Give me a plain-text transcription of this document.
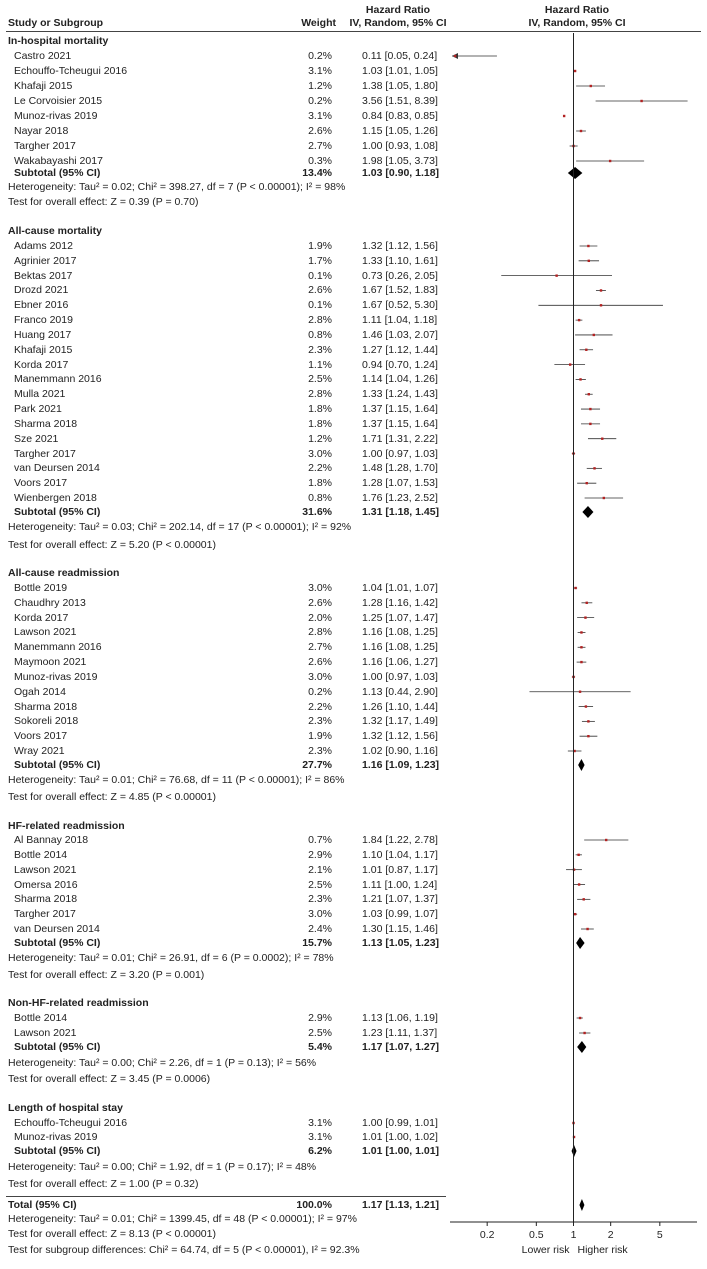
Study or Subgroup	Weight
Hazard Ratio
IV, Random, 95% CI
Hazard Ratio
IV, Random, 95% CI
In-hospital mortality
Castro 2021	0.2%	0.11 [0.05, 0.24]
Echouffo-Tcheugui 2016	3.1%	1.03 [1.01, 1.05]
Khafaji 2015	1.2%	1.38 [1.05, 1.80]
Le Corvoisier 2015	0.2%	3.56 [1.51, 8.39]
Munoz-rivas 2019	3.1%	0.84 [0.83, 0.85]
Nayar 2018	2.6%	1.15 [1.05, 1.26]
Targher 2017	2.7%	1.00 [0.93, 1.08]
Wakabayashi 2017	0.3%	1.98 [1.05, 3.73]
Subtotal (95% CI)	13.4%	1.03 [0.90, 1.18]
Heterogeneity: Tau² = 0.02; Chi² = 398.27, df = 7 (P < 0.00001); I² = 98%
Test for overall effect: Z = 0.39 (P = 0.70)
All-cause mortality
Adams 2012	1.9%	1.32 [1.12, 1.56]
Agrinier 2017	1.7%	1.33 [1.10, 1.61]
Bektas 2017	0.1%	0.73 [0.26, 2.05]
Drozd 2021	2.6%	1.67 [1.52, 1.83]
Ebner 2016	0.1%	1.67 [0.52, 5.30]
Franco 2019	2.8%	1.11 [1.04, 1.18]
Huang 2017	0.8%	1.46 [1.03, 2.07]
Khafaji 2015	2.3%	1.27 [1.12, 1.44]
Korda 2017	1.1%	0.94 [0.70, 1.24]
Manemmann 2016	2.5%	1.14 [1.04, 1.26]
Mulla 2021	2.8%	1.33 [1.24, 1.43]
Park 2021	1.8%	1.37 [1.15, 1.64]
Sharma 2018	1.8%	1.37 [1.15, 1.64]
Sze 2021	1.2%	1.71 [1.31, 2.22]
Targher 2017	3.0%	1.00 [0.97, 1.03]
van Deursen 2014	2.2%	1.48 [1.28, 1.70]
Voors 2017	1.8%	1.28 [1.07, 1.53]
Wienbergen 2018	0.8%	1.76 [1.23, 2.52]
Subtotal (95% CI)	31.6%	1.31 [1.18, 1.45]
Heterogeneity: Tau² = 0.03; Chi² = 202.14, df = 17 (P < 0.00001); I² = 92%
Test for overall effect: Z = 5.20 (P < 0.00001)
All-cause readmission
Bottle 2019	3.0%	1.04 [1.01, 1.07]
Chaudhry 2013	2.6%	1.28 [1.16, 1.42]
Korda 2017	2.0%	1.25 [1.07, 1.47]
Lawson 2021	2.8%	1.16 [1.08, 1.25]
Manemmann 2016	2.7%	1.16 [1.08, 1.25]
Maymoon 2021	2.6%	1.16 [1.06, 1.27]
Munoz-rivas 2019	3.0%	1.00 [0.97, 1.03]
Ogah 2014	0.2%	1.13 [0.44, 2.90]
Sharma 2018	2.2%	1.26 [1.10, 1.44]
Sokoreli 2018	2.3%	1.32 [1.17, 1.49]
Voors 2017	1.9%	1.32 [1.12, 1.56]
Wray 2021	2.3%	1.02 [0.90, 1.16]
Subtotal (95% CI)	27.7%	1.16 [1.09, 1.23]
Heterogeneity: Tau² = 0.01; Chi² = 76.68, df = 11 (P < 0.00001); I² = 86%
Test for overall effect: Z = 4.85 (P < 0.00001)
HF-related readmission
Al Bannay 2018	0.7%	1.84 [1.22, 2.78]
Bottle 2014	2.9%	1.10 [1.04, 1.17]
Lawson 2021	2.1%	1.01 [0.87, 1.17]
Omersa 2016	2.5%	1.11 [1.00, 1.24]
Sharma 2018	2.3%	1.21 [1.07, 1.37]
Targher 2017	3.0%	1.03 [0.99, 1.07]
van Deursen 2014	2.4%	1.30 [1.15, 1.46]
Subtotal (95% CI)	15.7%	1.13 [1.05, 1.23]
Heterogeneity: Tau² = 0.01; Chi² = 26.91, df = 6 (P = 0.0002); I² = 78%
Test for overall effect: Z = 3.20 (P = 0.001)
Non-HF-related readmission
Bottle 2014	2.9%	1.13 [1.06, 1.19]
Lawson 2021	2.5%	1.23 [1.11, 1.37]
Subtotal (95% CI)	5.4%	1.17 [1.07, 1.27]
Heterogeneity: Tau² = 0.00; Chi² = 2.26, df = 1 (P = 0.13); I² = 56%
Test for overall effect: Z = 3.45 (P = 0.0006)
Length of hospital stay
Echouffo-Tcheugui 2016	3.1%	1.00 [0.99, 1.01]
Munoz-rivas 2019	3.1%	1.01 [1.00, 1.02]
Subtotal (95% CI)	6.2%	1.01 [1.00, 1.01]
Heterogeneity: Tau² = 0.00; Chi² = 1.92, df = 1 (P = 0.17); I² = 48%
Test for overall effect: Z = 1.00 (P = 0.32)
Total (95% CI)	100.0%	1.17 [1.13, 1.21]
Heterogeneity: Tau² = 0.01; Chi² = 1399.45, df = 48 (P < 0.00001); I² = 97%
Test for overall effect: Z = 8.13 (P < 0.00001)
Test for subgroup differences: Chi² = 64.74, df = 5 (P < 0.00001), I² = 92.3%
0.2	0.5	1	2	5
Lower risk Higher risk
